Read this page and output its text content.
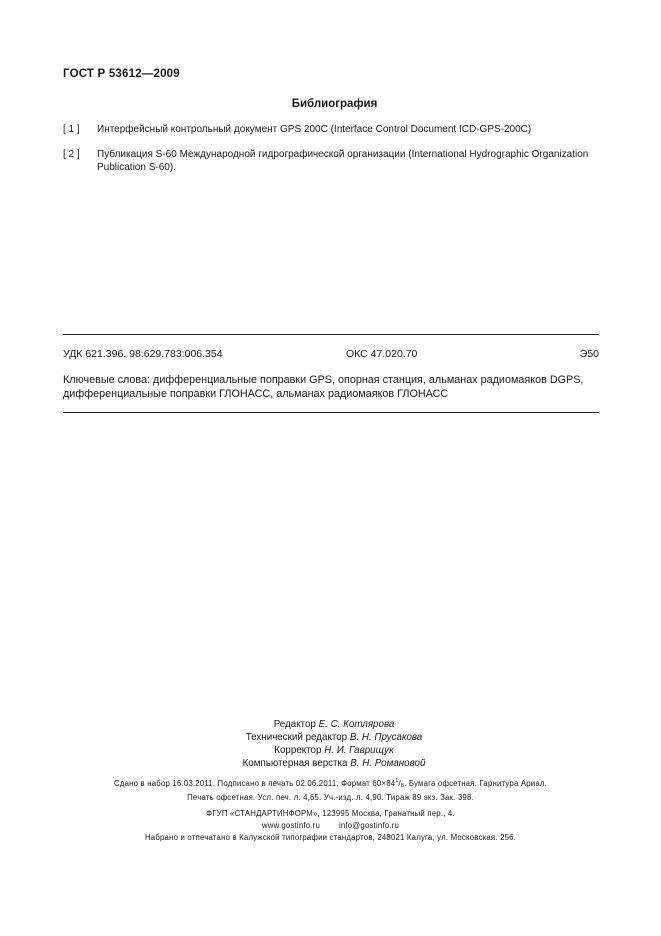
ГОСТ Р 53612—2009
Библиография
[ 1 ]	Интерфейсный контрольный документ GPS 200C (Interface Control Document ICD-GPS-200C)
[ 2 ]	Публикация S-60 Международной гидрографической организации (International Hydrographic Organization Publication S-60).
УДК 621.396. 98:629.783:006.354	ОКС 47.020.70	Э50
Ключевые слова: дифференциальные поправки GPS, опорная станция, альманах радиомаяков DGPS, дифференциальные поправки ГЛОНАСС, альманах радиомаяков ГЛОНАСС
Редактор Е. С. Котлярова
Технический редактор В. Н. Прусакова
Корректор Н. И. Гаврищук
Компьютерная верстка В. Н. Романовой
Сдано в набор 16.03.2011. Подписано в печать 02.06.2011. Формат $60\times 84^1/_8$. Бумага офсетная. Гарнитура Ариал.
Печать офсетная. Усл. печ. л. 4,65. Уч.-изд. л. 4,90. Тираж 89 экз. Зак. 398.
ФГУП «СТАНДАРТИНФОРМ», 123995 Москва, Гранатный пер., 4.
www.gostinfo.ru info@gostinfo.ru
Набрано и отпечатано в Калужской типографии стандартов, 248021 Калуга, ул. Московская. 256.
